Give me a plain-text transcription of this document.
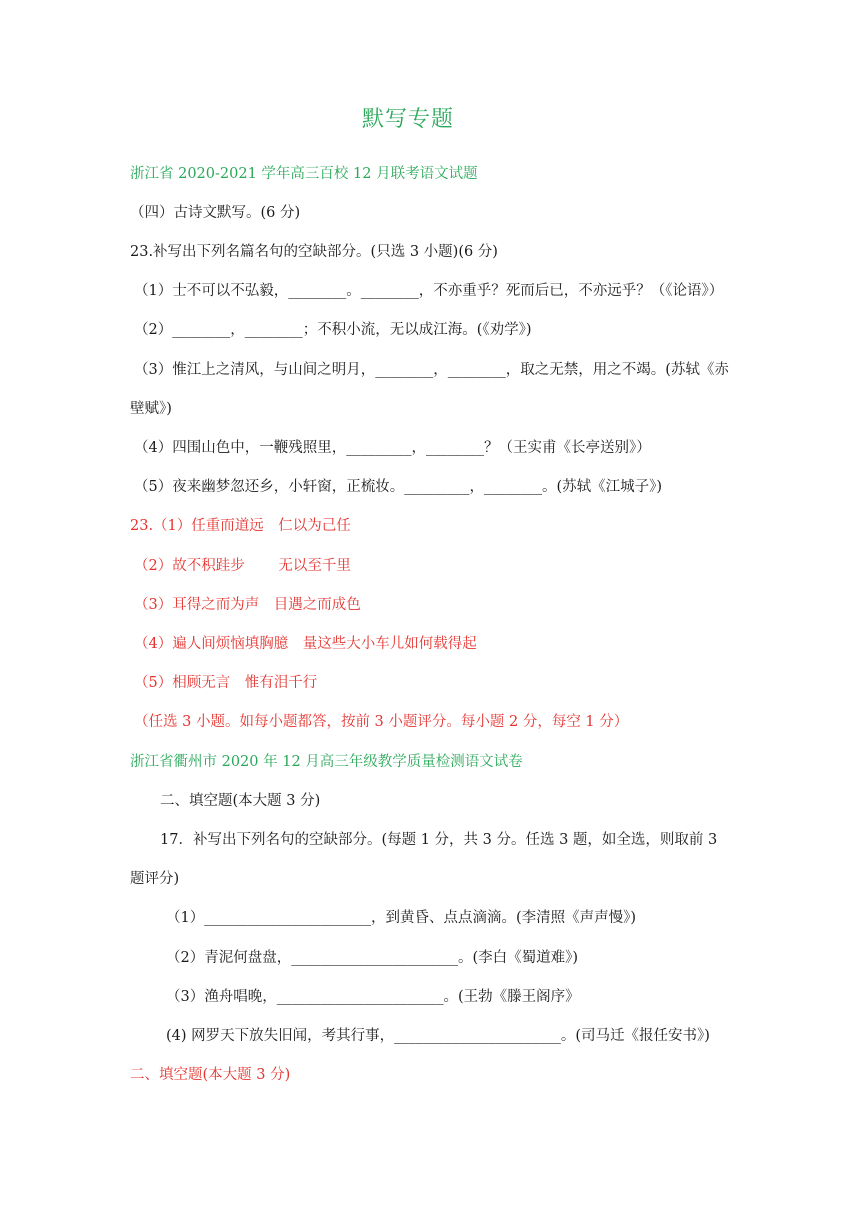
默写专题
浙江省 2020-2021 学年高三百校 12 月联考语文试题
（四）古诗文默写。(6 分)
23.补写出下列名篇名句的空缺部分。(只选 3 小题)(6 分)
（1）士不可以不弘毅，________。________，不亦重乎？死而后已，不亦远乎？（《论语》）
（2）________，________；不积小流，无以成江海。(《劝学》)
（3）惟江上之清风，与山间之明月，________，________，取之无禁，用之不竭。(苏轼《赤
壁赋》)
（4）四围山色中，一鞭残照里，_________，________？（王实甫《长亭送别》）
（5）夜来幽梦忽还乡，小轩窗，正梳妆。_________，________。(苏轼《江城子》)
23.（1）任重而道远　仁以为己任
（2）故不积跬步　　 无以至千里
（3）耳得之而为声　目遇之而成色
（4）遍人间烦恼填胸臆　量这些大小车儿如何载得起
（5）相顾无言　惟有泪千行
（任选 3 小题。如每小题都答，按前 3 小题评分。每小题 2 分，每空 1 分）
浙江省衢州市 2020 年 12 月高三年级教学质量检测语文试卷
二、填空题(本大题 3 分)
17．补写出下列名句的空缺部分。(每题 1 分，共 3 分。任选 3 题，如全选，则取前 3
题评分)
（1）_______________________，到黄昏、点点滴滴。(李清照《声声慢》)
（2）青泥何盘盘，_______________________。(李白《蜀道难》)
（3）渔舟唱晚，_______________________。(王勃《滕王阁序》
(4) 网罗天下放失旧闻，考其行事，_______________________。(司马迁《报任安书》)
二、填空题(本大题 3 分)
